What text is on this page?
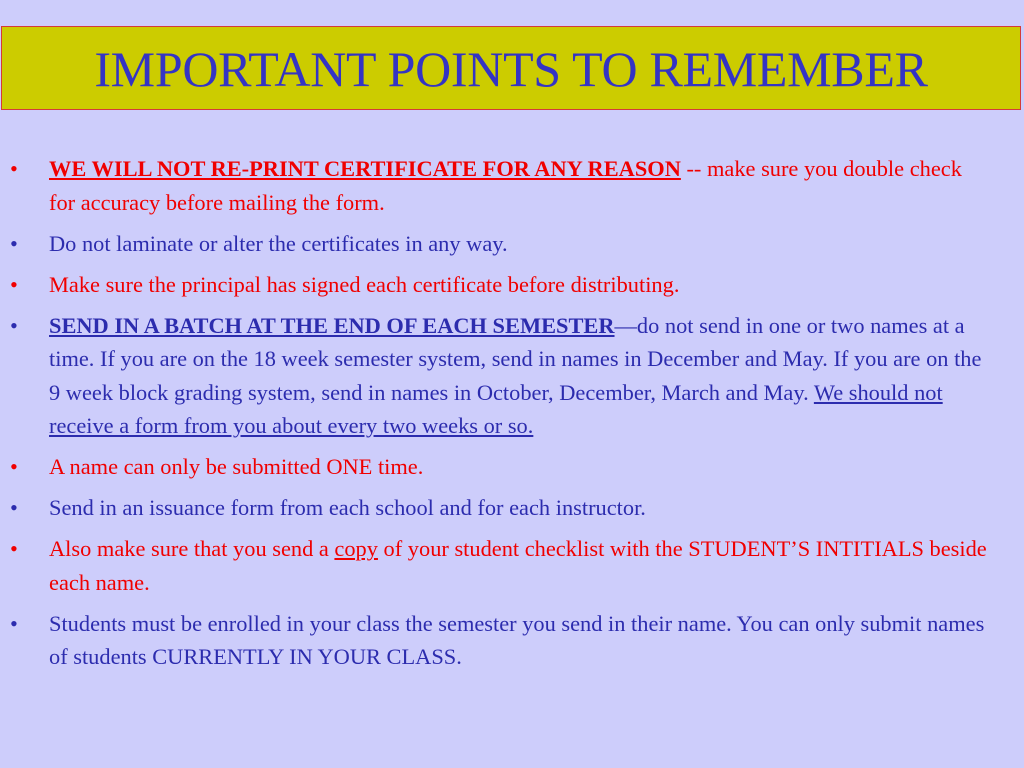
IMPORTANT POINTS TO REMEMBER
• WE WILL NOT RE-PRINT CERTIFICATE FOR ANY REASON -- make sure you double check for accuracy before mailing the form.
• Do not laminate or alter the certificates in any way.
• Make sure the principal has signed each certificate before distributing.
• SEND IN A BATCH AT THE END OF EACH SEMESTER—do not send in one or two names at a time. If you are on the 18 week semester system, send in names in December and May. If you are on the 9 week block grading system, send in names in October, December, March and May. We should not receive a form from you about every two weeks or so.
• A name can only be submitted ONE time.
• Send in an issuance form from each school and for each instructor.
• Also make sure that you send a copy of your student checklist with the STUDENT’S INTITIALS beside each name.
• Students must be enrolled in your class the semester you send in their name. You can only submit names of students CURRENTLY IN YOUR CLASS.
